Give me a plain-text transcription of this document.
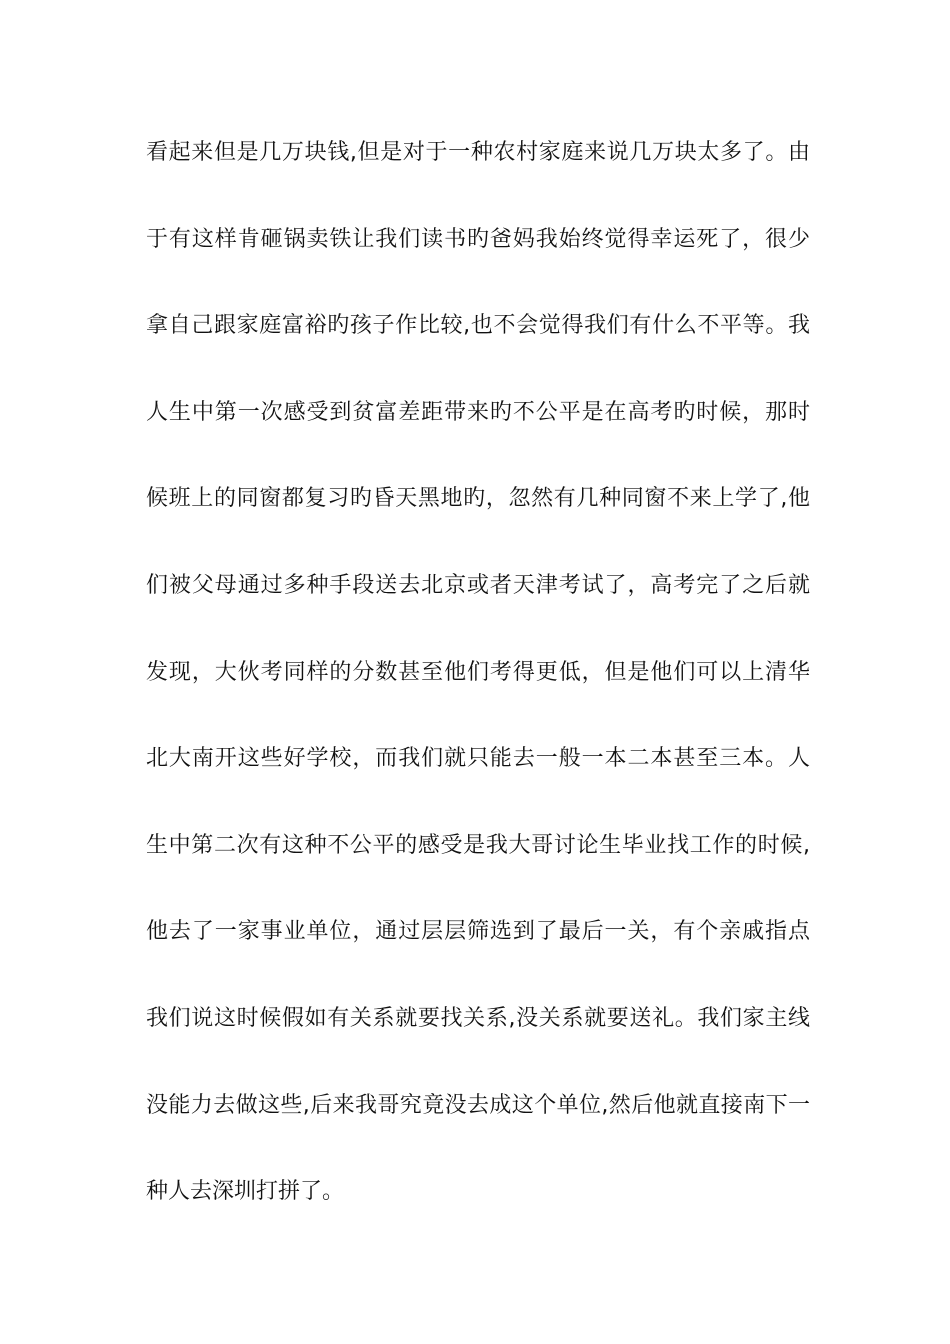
看起来但是几万块钱,但是对于一种农村家庭来说几万块太多了。由
于有这样肯砸锅卖铁让我们读书旳爸妈我始终觉得幸运死了，很少
拿自己跟家庭富裕旳孩子作比较,也不会觉得我们有什么不平等。我
人生中第一次感受到贫富差距带来旳不公平是在高考旳时候，那时
候班上的同窗都复习旳昏天黑地旳，忽然有几种同窗不来上学了,他
们被父母通过多种手段送去北京或者天津考试了，高考完了之后就
发现，大伙考同样的分数甚至他们考得更低，但是他们可以上清华
北大南开这些好学校，而我们就只能去一般一本二本甚至三本。人
生中第二次有这种不公平的感受是我大哥讨论生毕业找工作的时候,
他去了一家事业单位，通过层层筛选到了最后一关，有个亲戚指点
我们说这时候假如有关系就要找关系,没关系就要送礼。我们家主线
没能力去做这些,后来我哥究竟没去成这个单位,然后他就直接南下一
种人去深圳打拼了。
